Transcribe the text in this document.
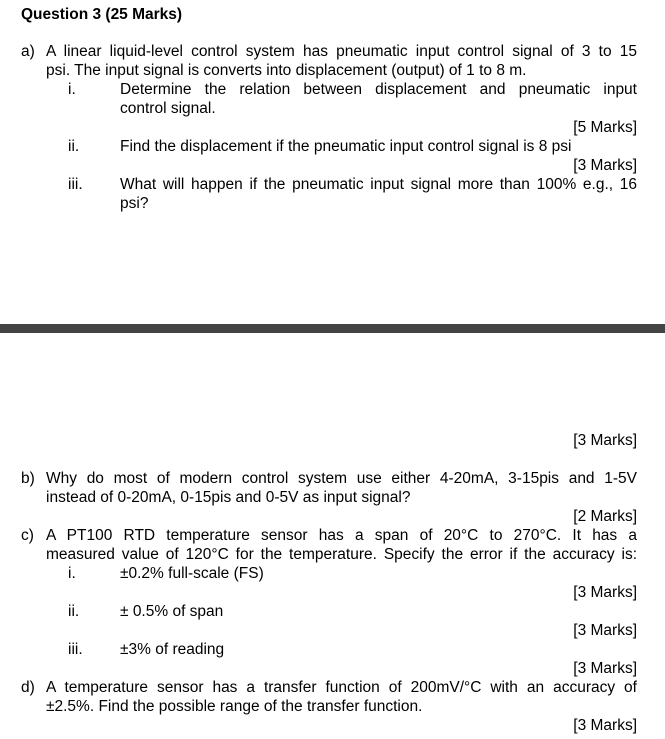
Question 3 (25 Marks)
a) A linear liquid-level control system has pneumatic input control signal of 3 to 15
psi. The input signal is converts into displacement (output) of 1 to 8 m.
i.	Determine the relation between displacement and pneumatic input
control signal.
[5 Marks]
ii.	Find the displacement if the pneumatic input control signal is 8 psi
[3 Marks]
iii. What will happen if the pneumatic input signal more than 100% e.g., 16
psi?
[3 Marks]
b) Why do most of modern control system use either 4-20mA, 3-15pis and 1-5V
instead of 0-20mA, 0-15pis and 0-5V as input signal?
[2 Marks]
c) A PT100 RTD temperature sensor has a span of 20°C to 270°C. It has a
measured value of 120°C for the temperature. Specify the error if the accuracy is:
i.	±0.2% full-scale (FS)
[3 Marks]
ii.	± 0.5% of span
[3 Marks]
iii. ±3% of reading
[3 Marks]
d) A temperature sensor has a transfer function of 200mV/°C with an accuracy of
±2.5%. Find the possible range of the transfer function.
[3 Marks]
